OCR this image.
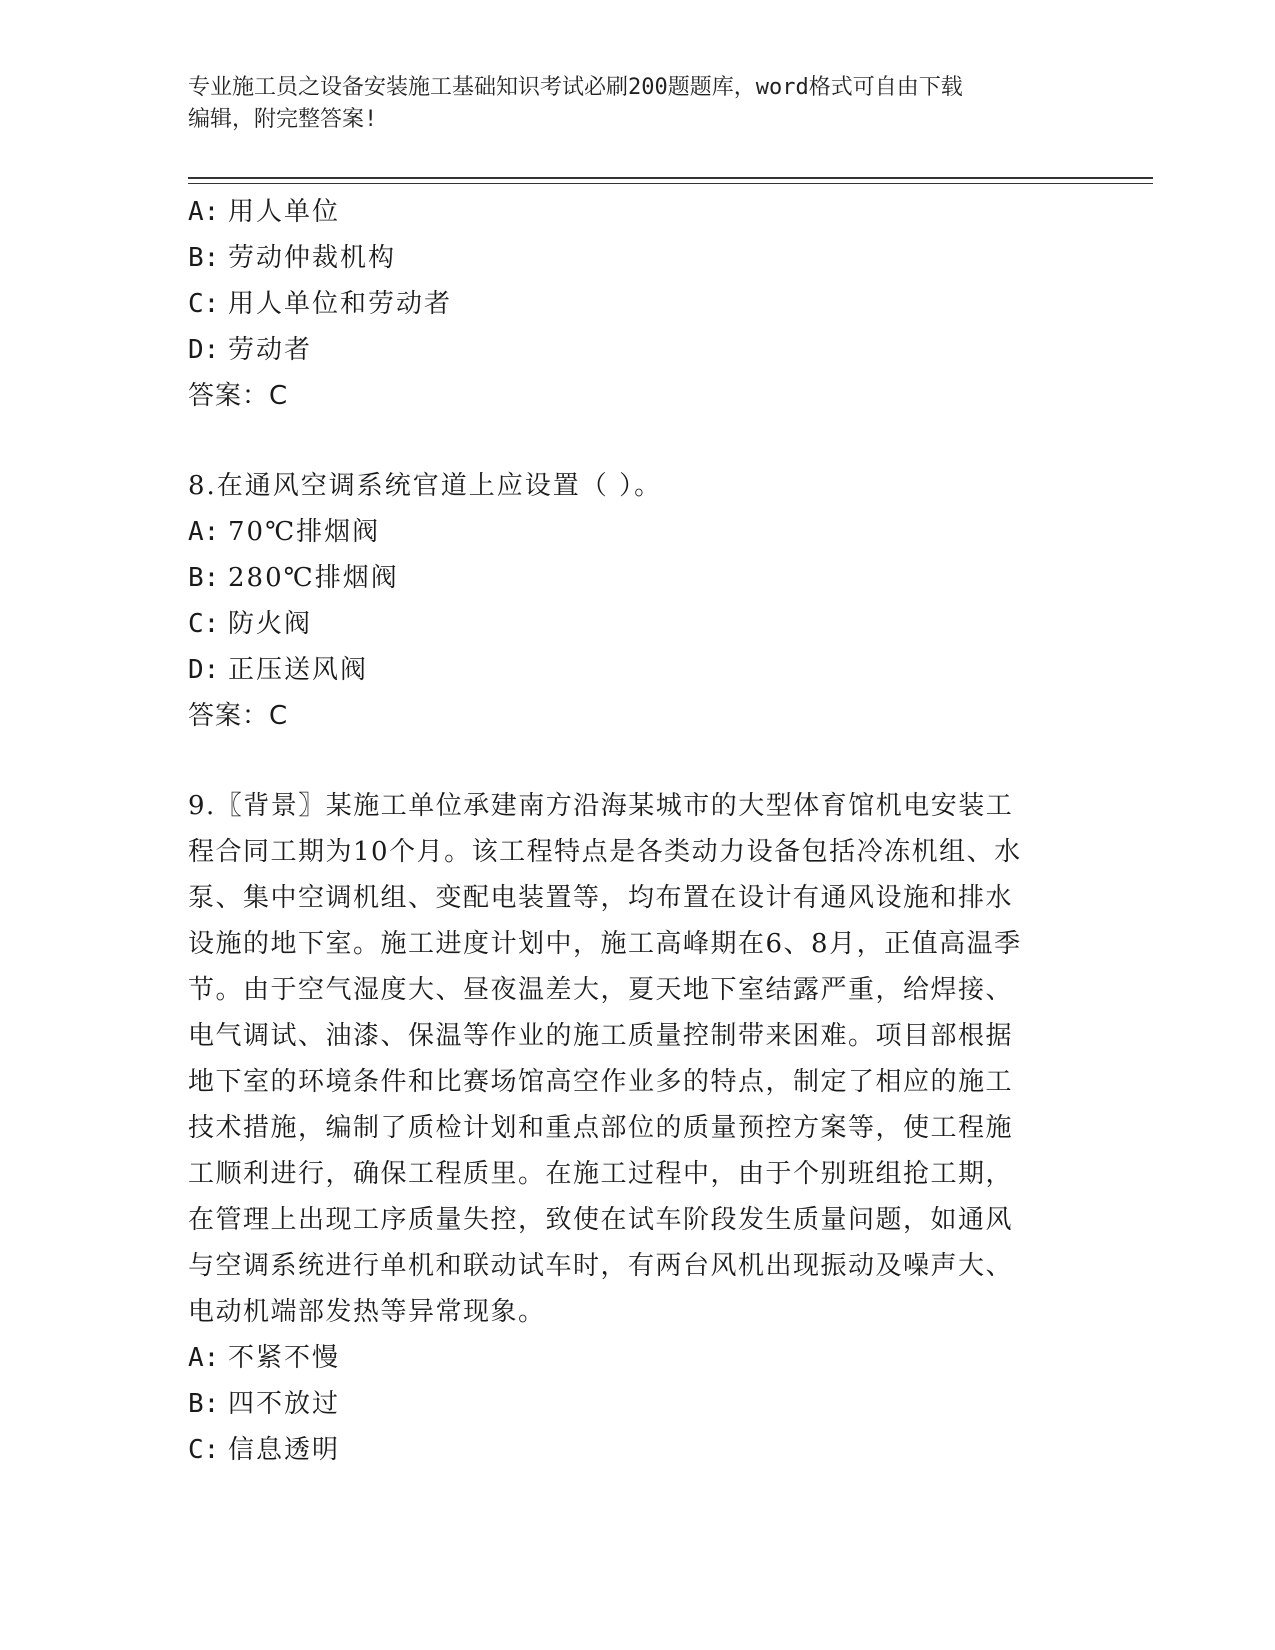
专业施工员之设备安装施工基础知识考试必刷200题题库，word格式可自由下载
编辑，附完整答案!
A: 用人单位
B: 劳动仲裁机构
C: 用人单位和劳动者
D: 劳动者
答案：C
8.在通风空调系统官道上应设置（ ）。
A: 70℃排烟阀
B: 280℃排烟阀
C: 防火阀
D: 正压送风阀
答案：C
9.〖背景〗某施工单位承建南方沿海某城市的大型体育馆机电安装工
程合同工期为10个月。该工程特点是各类动力设备包括冷冻机组、水
泵、集中空调机组、变配电装置等，均布置在设计有通风设施和排水
设施的地下室。施工进度计划中，施工高峰期在6、8月，正值高温季
节。由于空气湿度大、昼夜温差大，夏天地下室结露严重，给焊接、
电气调试、油漆、保温等作业的施工质量控制带来困难。项目部根据
地下室的环境条件和比赛场馆高空作业多的特点，制定了相应的施工
技术措施，编制了质检计划和重点部位的质量预控方案等，使工程施
工顺利进行，确保工程质里。在施工过程中，由于个别班组抢工期，
在管理上出现工序质量失控，致使在试车阶段发生质量问题，如通风
与空调系统进行单机和联动试车时，有两台风机出现振动及噪声大、
电动机端部发热等异常现象。
A: 不紧不慢
B: 四不放过
C: 信息透明
